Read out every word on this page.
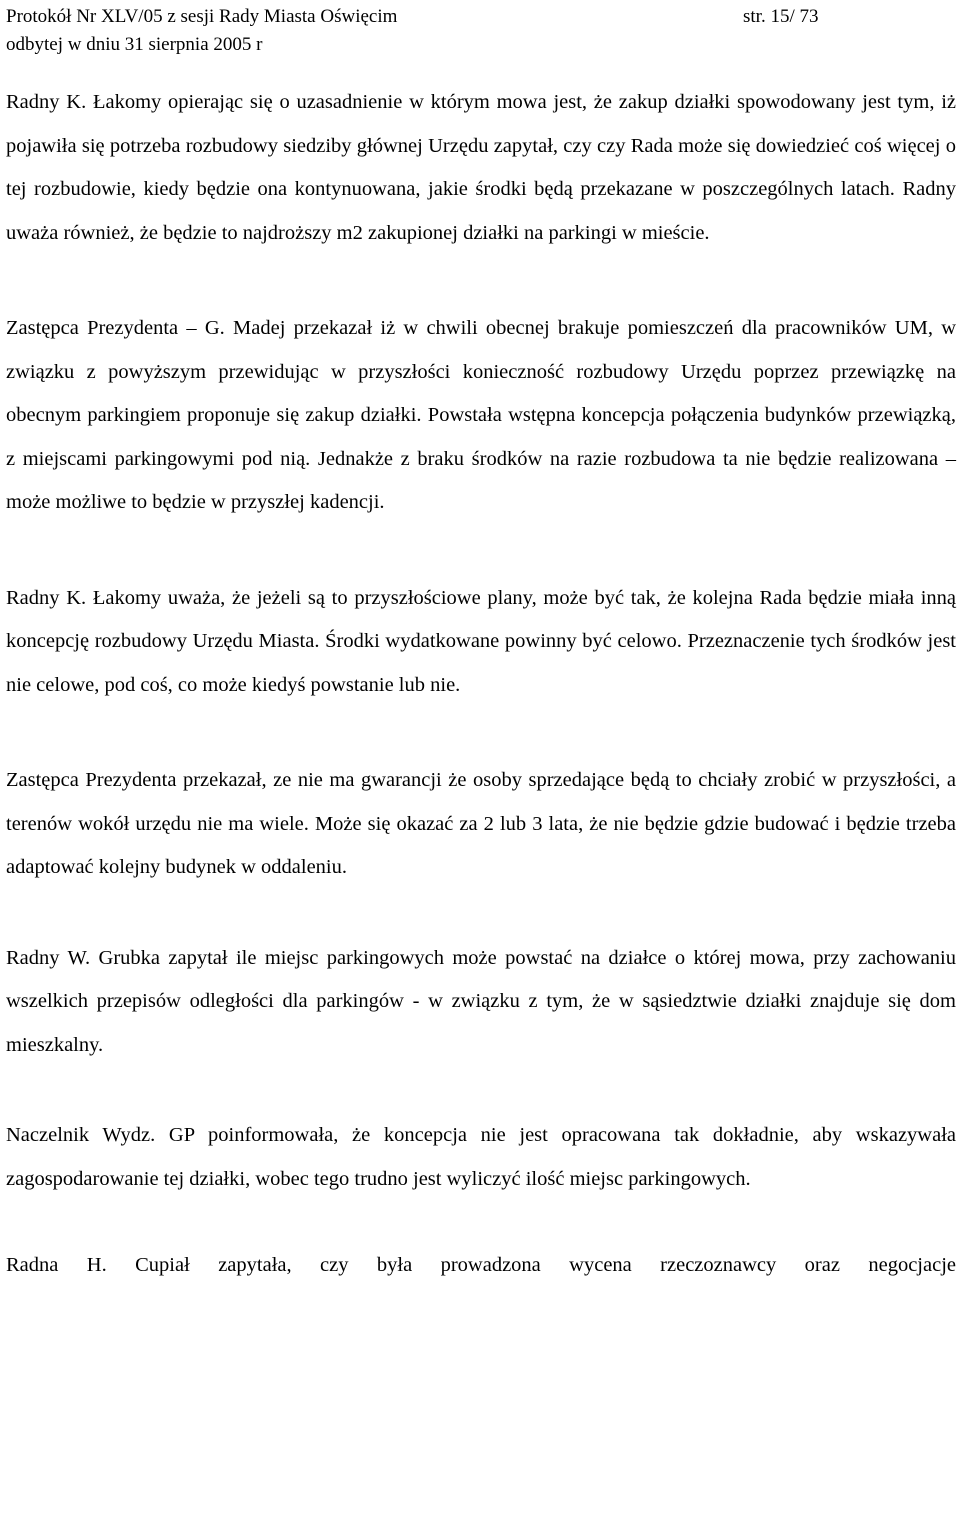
Protokół Nr XLV/05 z sesji Rady Miasta Oświęcim	str. 15/ 73
odbytej w dniu 31 sierpnia 2005 r

Radny K. Łakomy opierając się o uzasadnienie w którym mowa jest, że zakup działki spowodowany jest tym, iż pojawiła się potrzeba rozbudowy siedziby głównej Urzędu zapytał, czy czy Rada może się dowiedzieć coś więcej o tej rozbudowie, kiedy będzie ona kontynuowana, jakie środki będą przekazane w poszczególnych latach. Radny uważa również, że będzie to najdroższy m2 zakupionej działki na parkingi w mieście.

Zastępca Prezydenta – G. Madej przekazał iż w chwili obecnej brakuje pomieszczeń dla pracowników UM, w związku z powyższym przewidując w przyszłości konieczność rozbudowy Urzędu poprzez przewiązkę na obecnym parkingiem proponuje się zakup działki. Powstała wstępna koncepcja połączenia budynków przewiązką, z miejscami parkingowymi pod nią. Jednakże z braku środków na razie rozbudowa ta nie będzie realizowana – może możliwe to będzie w przyszłej kadencji.

Radny K. Łakomy uważa, że jeżeli są to przyszłościowe plany, może być tak, że kolejna Rada będzie miała inną koncepcję rozbudowy Urzędu Miasta. Środki wydatkowane powinny być celowo. Przeznaczenie tych środków jest nie celowe, pod coś, co może kiedyś powstanie lub nie.

Zastępca Prezydenta przekazał, ze nie ma gwarancji że osoby sprzedające będą to chciały zrobić w przyszłości, a terenów wokół urzędu nie ma wiele. Może się okazać za 2 lub 3 lata, że nie będzie gdzie budować i będzie trzeba adaptować kolejny budynek w oddaleniu.

Radny W. Grubka zapytał ile miejsc parkingowych może powstać na działce o której mowa, przy zachowaniu wszelkich przepisów odległości dla parkingów - w związku z tym, że w sąsiedztwie działki znajduje się dom mieszkalny.

Naczelnik Wydz. GP poinformowała, że koncepcja nie jest opracowana tak dokładnie, aby wskazywała zagospodarowanie tej działki, wobec tego trudno jest wyliczyć ilość miejsc parkingowych.

Radna H. Cupiał zapytała, czy była prowadzona wycena rzeczoznawcy oraz negocjacje
